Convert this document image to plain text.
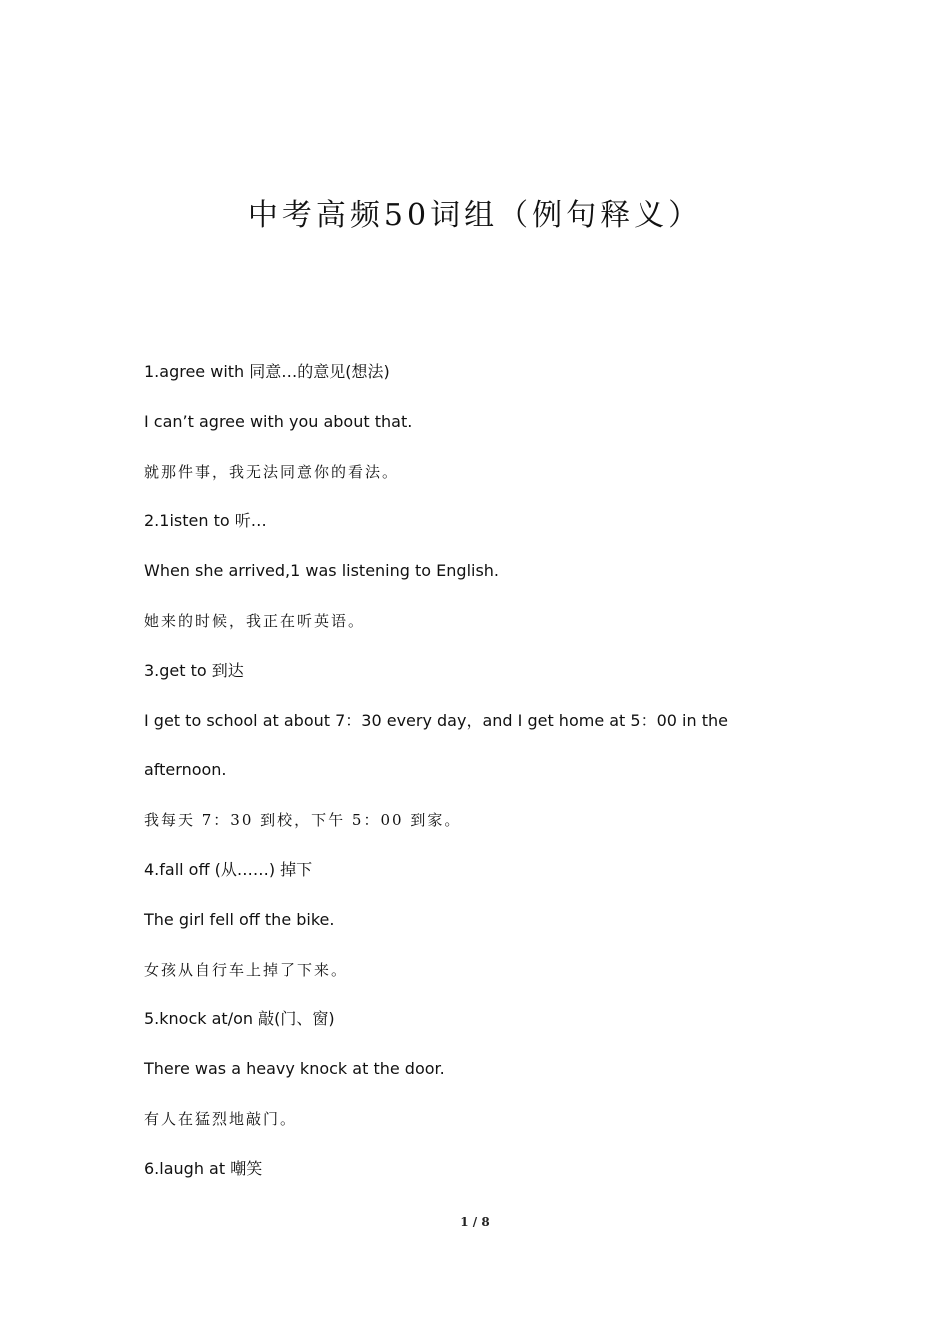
中考高频50词组（例句释义）
1.agree with 同意…的意见(想法)
I can’t agree with you about that.
就那件事，我无法同意你的看法。
2.1isten to 听…
When she arrived,1 was listening to English.
她来的时候，我正在听英语。
3.get to 到达
I get to school at about 7：30 every day，and I get home at 5：00 in the
afternoon.
我每天 7：30 到校，下午 5：00 到家。
4.fall off (从……) 掉下
The girl fell off the bike.
女孩从自行车上掉了下来。
5.knock at/on 敲(门、窗)
There was a heavy knock at the door.
有人在猛烈地敲门。
6.laugh at 嘲笑
1 / 8
